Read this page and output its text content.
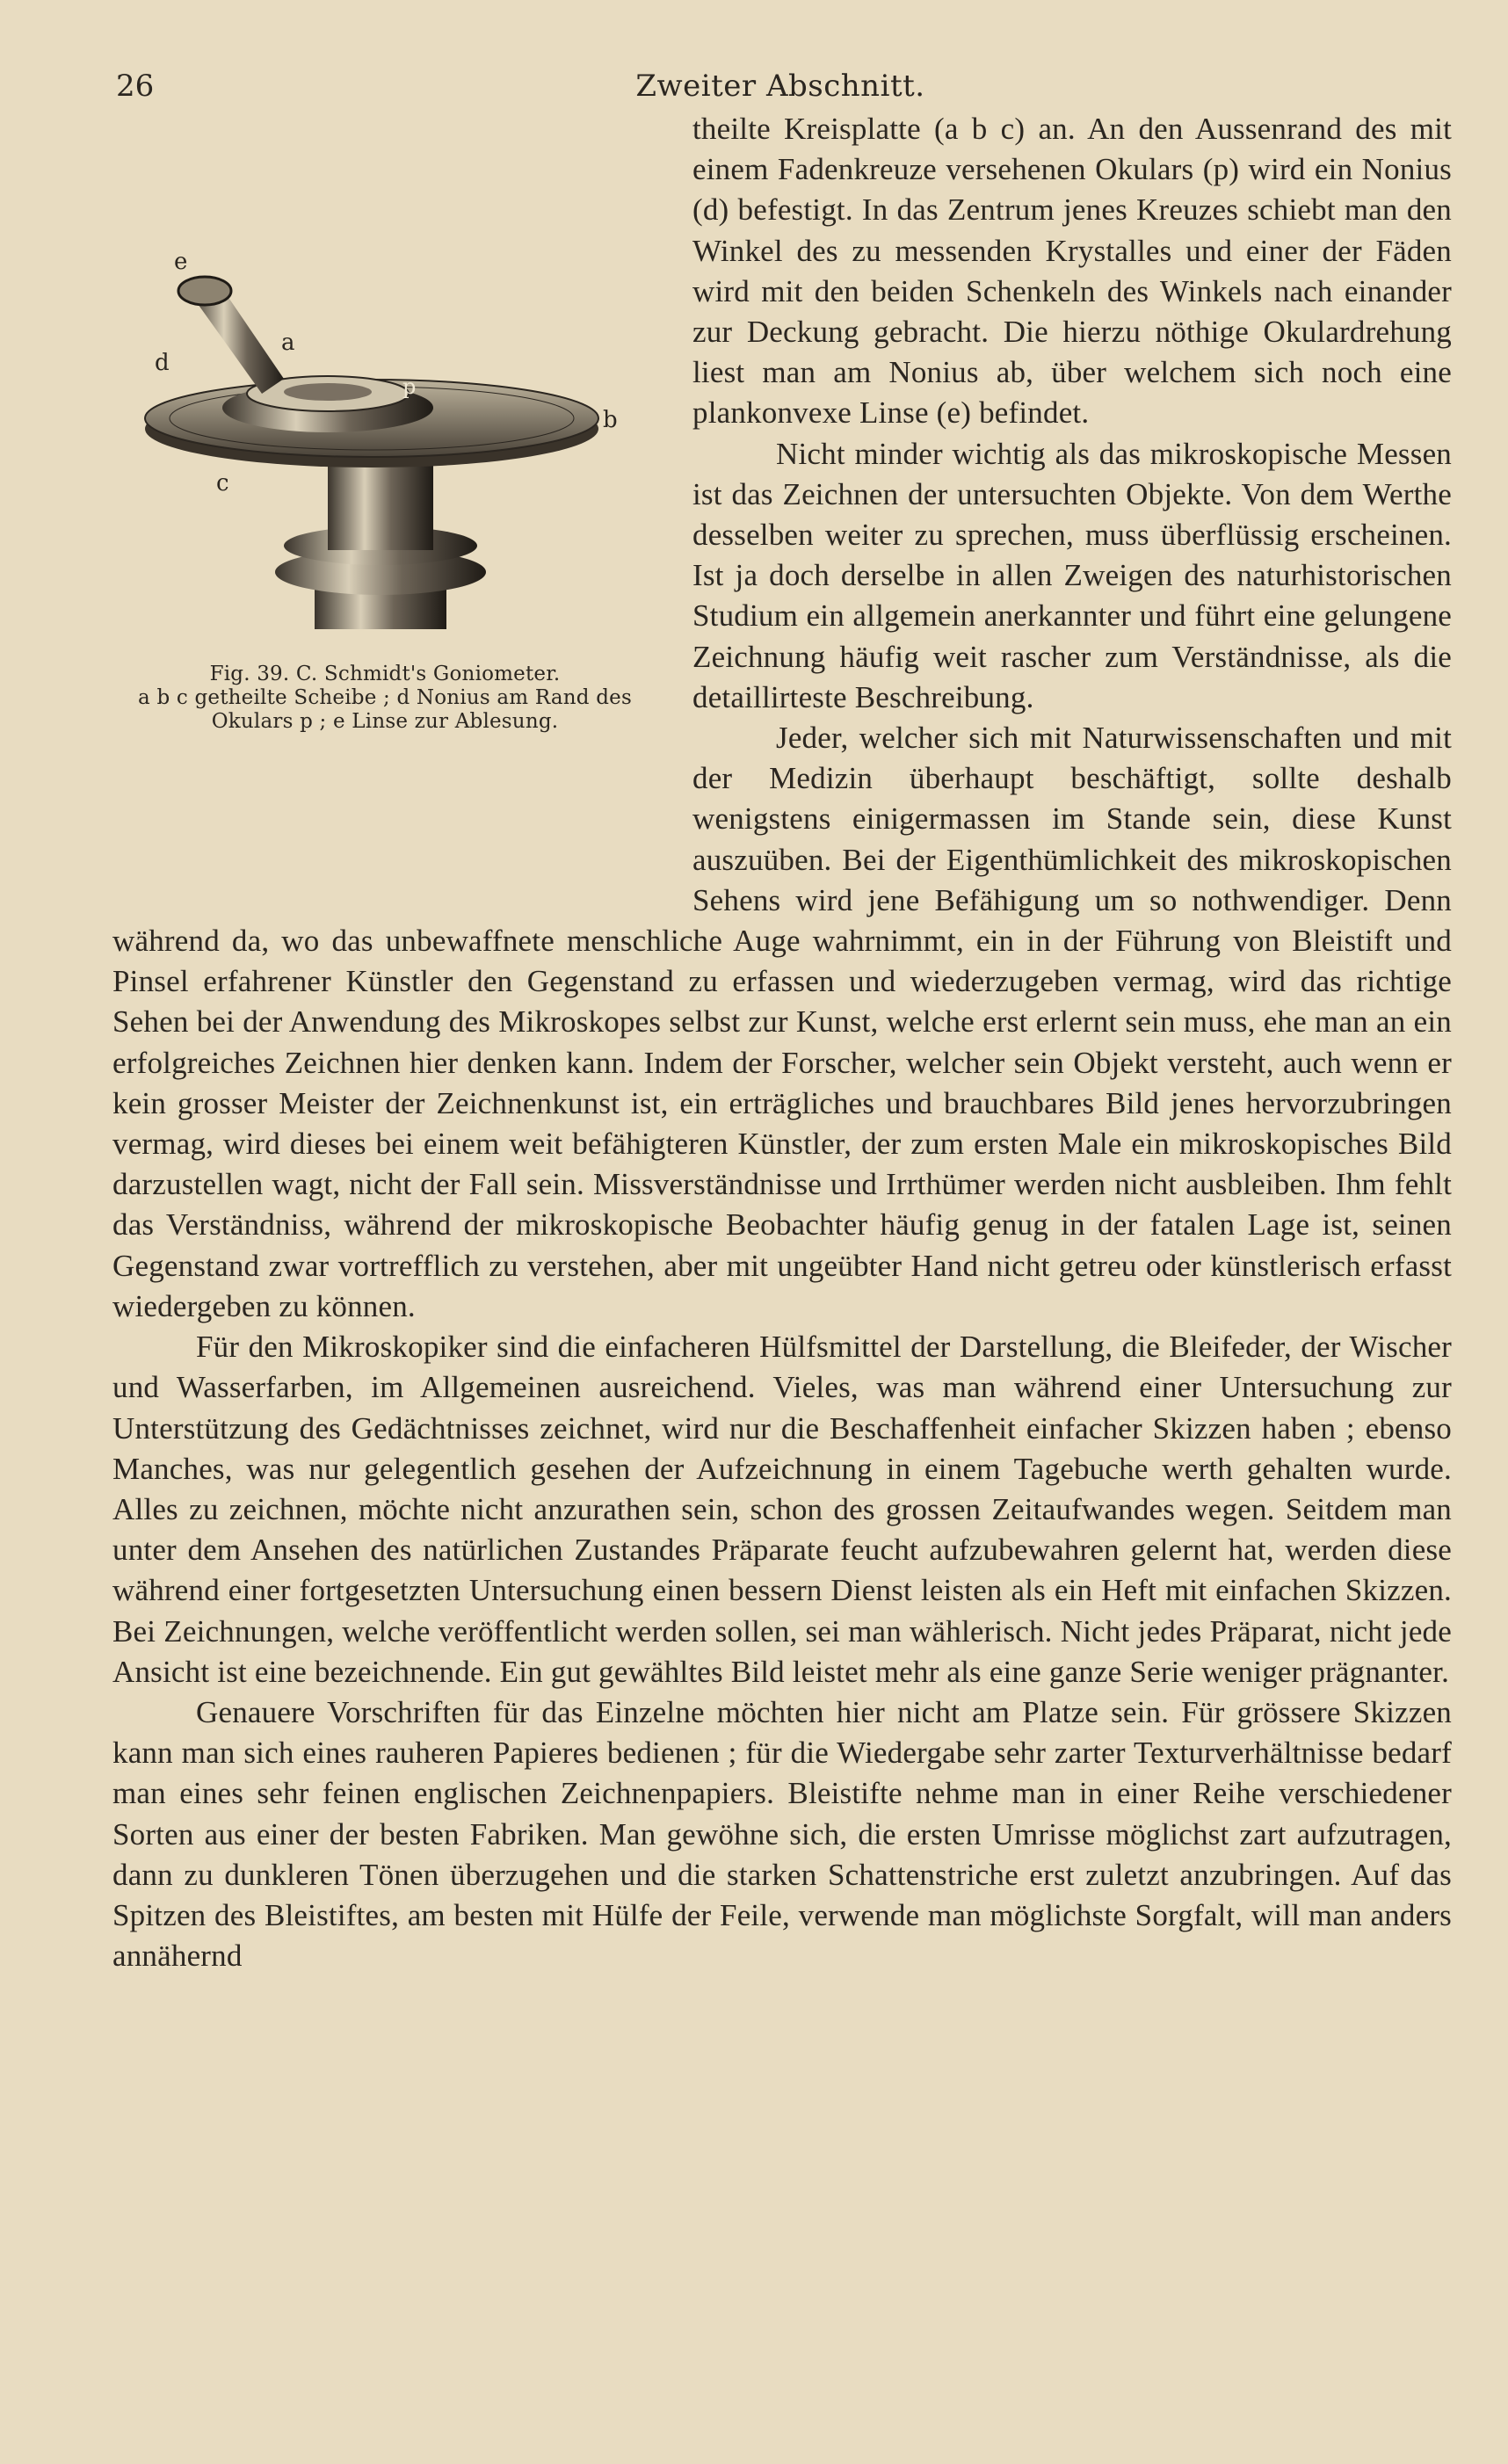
26	Zweiter Abschnitt.

e
d
a
p
b
c
Fig. 39. C. Schmidt's Goniometer.
a b c getheilte Scheibe ; d Nonius am Rand des Okulars p ; e Linse zur Ablesung.

theilte Kreisplatte (a b c) an. An den Aussenrand des mit einem Fadenkreuze versehenen Okulars (p) wird ein Nonius (d) befestigt. In das Zentrum jenes Kreuzes schiebt man den Winkel des zu messenden Krystalles und einer der Fäden wird mit den beiden Schenkeln des Winkels nach einander zur Deckung gebracht. Die hierzu nöthige Okulardrehung liest man am Nonius ab, über welchem sich noch eine plankonvexe Linse (e) befindet.

Nicht minder wichtig als das mikroskopische Messen ist das Zeichnen der untersuchten Objekte. Von dem Werthe desselben weiter zu sprechen, muss überflüssig erscheinen. Ist ja doch derselbe in allen Zweigen des naturhistorischen Studium ein allgemein anerkannter und führt eine gelungene Zeichnung häufig weit rascher zum Verständnisse, als die detaillirteste Beschreibung.

Jeder, welcher sich mit Naturwissenschaften und mit der Medizin überhaupt beschäftigt, sollte deshalb wenigstens einigermassen im Stande sein, diese Kunst auszuüben. Bei der Eigenthümlichkeit des mikroskopischen Sehens wird jene Befähigung um so nothwendiger. Denn während da, wo das unbewaffnete menschliche Auge wahrnimmt, ein in der Führung von Bleistift und Pinsel erfahrener Künstler den Gegenstand zu erfassen und wiederzugeben vermag, wird das richtige Sehen bei der Anwendung des Mikroskopes selbst zur Kunst, welche erst erlernt sein muss, ehe man an ein erfolgreiches Zeichnen hier denken kann. Indem der Forscher, welcher sein Objekt versteht, auch wenn er kein grosser Meister der Zeichnenkunst ist, ein erträgliches und brauchbares Bild jenes hervorzubringen vermag, wird dieses bei einem weit befähigteren Künstler, der zum ersten Male ein mikroskopisches Bild darzustellen wagt, nicht der Fall sein. Missverständnisse und Irrthümer werden nicht ausbleiben. Ihm fehlt das Verständniss, während der mikroskopische Beobachter häufig genug in der fatalen Lage ist, seinen Gegenstand zwar vortrefflich zu verstehen, aber mit ungeübter Hand nicht getreu oder künstlerisch erfasst wiedergeben zu können.

Für den Mikroskopiker sind die einfacheren Hülfsmittel der Darstellung, die Bleifeder, der Wischer und Wasserfarben, im Allgemeinen ausreichend. Vieles, was man während einer Untersuchung zur Unterstützung des Gedächtnisses zeichnet, wird nur die Beschaffenheit einfacher Skizzen haben ; ebenso Manches, was nur gelegentlich gesehen der Aufzeichnung in einem Tagebuche werth gehalten wurde. Alles zu zeichnen, möchte nicht anzurathen sein, schon des grossen Zeitaufwandes wegen. Seitdem man unter dem Ansehen des natürlichen Zustandes Präparate feucht aufzubewahren gelernt hat, werden diese während einer fortgesetzten Untersuchung einen bessern Dienst leisten als ein Heft mit einfachen Skizzen. Bei Zeichnungen, welche veröffentlicht werden sollen, sei man wählerisch. Nicht jedes Präparat, nicht jede Ansicht ist eine bezeichnende. Ein gut gewähltes Bild leistet mehr als eine ganze Serie weniger prägnanter.

Genauere Vorschriften für das Einzelne möchten hier nicht am Platze sein. Für grössere Skizzen kann man sich eines rauheren Papieres bedienen ; für die Wiedergabe sehr zarter Texturverhältnisse bedarf man eines sehr feinen englischen Zeichnenpapiers. Bleistifte nehme man in einer Reihe verschiedener Sorten aus einer der besten Fabriken. Man gewöhne sich, die ersten Umrisse möglichst zart aufzutragen, dann zu dunkleren Tönen überzugehen und die starken Schattenstriche erst zuletzt anzubringen. Auf das Spitzen des Bleistiftes, am besten mit Hülfe der Feile, verwende man möglichste Sorgfalt, will man anders annähernd
